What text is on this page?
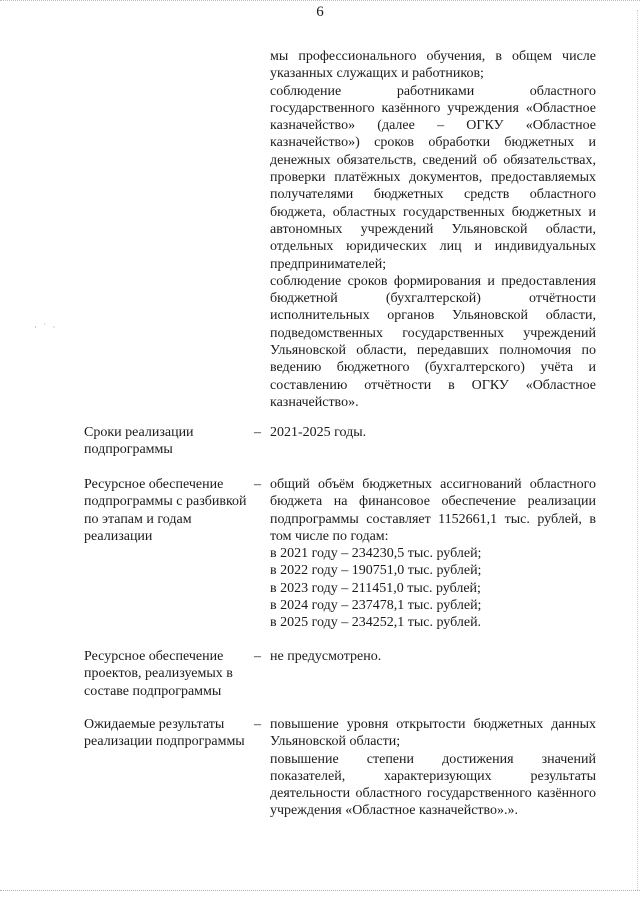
6
мы профессионального обучения, в общем числе указанных служащих и работников;
соблюдение работниками областного государственного казённого учреждения «Областное казначейство» (далее – ОГКУ «Областное казначейство») сроков обработки бюджетных и денежных обязательств, сведений об обязательствах, проверки платёжных документов, предоставляемых получателями бюджетных средств областного бюджета, областных государственных бюджетных и автономных учреждений Ульяновской области, отдельных юридических лиц и индивидуальных предпринимателей;
соблюдение сроков формирования и предоставления бюджетной (бухгалтерской) отчётности исполнительных органов Ульяновской области, подведомственных государственных учреждений Ульяновской области, передавших полномочия по ведению бюджетного (бухгалтерского) учёта и составлению отчётности в ОГКУ «Областное казначейство».
· ˙ ·
Сроки реализации подпрограммы
– 2021-2025 годы.
Ресурсное обеспечение подпрограммы с разбивкой по этапам и годам реализации
– общий объём бюджетных ассигнований областного бюджета на финансовое обеспечение реализации подпрограммы составляет 1152661,1 тыс. рублей, в том числе по годам:
в 2021 году – 234230,5 тыс. рублей;
в 2022 году – 190751,0 тыс. рублей;
в 2023 году – 211451,0 тыс. рублей;
в 2024 году – 237478,1 тыс. рублей;
в 2025 году – 234252,1 тыс. рублей.
Ресурсное обеспечение проектов, реализуемых в составе подпрограммы
– не предусмотрено.
Ожидаемые результаты реализации подпрограммы
– повышение уровня открытости бюджетных данных Ульяновской области;
повышение степени достижения значений показателей, характеризующих результаты деятельности областного государственного казённого учреждения «Областное казначейство».».
